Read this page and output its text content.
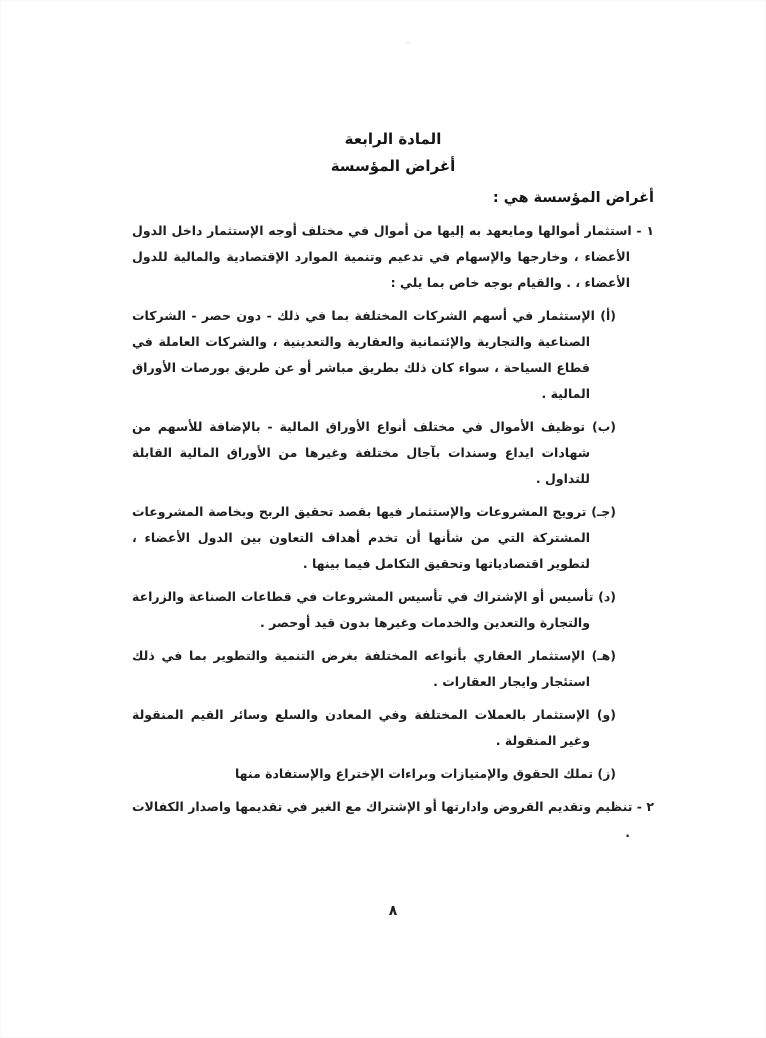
المادة الرابعة
أغراض المؤسسة

أغراض المؤسسة هي :

١ - استثمار أموالها ومايعهد به إليها من أموال في مختلف أوجه الإستثمار داخل الدول الأعضاء ، وخارجها والإسهام في تدعيم وتنمية الموارد الإقتصادية والمالية للدول الأعضاء ، . والقيام بوجه خاص بما يلي :

(أ) الإستثمار في أسهم الشركات المختلفة بما في ذلك - دون حصر - الشركات الصناعية والتجارية والإئتمانية والعقارية والتعدينية ، والشركات العاملة في قطاع السياحة ، سواء كان ذلك بطريق مباشر أو عن طريق بورصات الأوراق المالية .

(ب) توظيف الأموال في مختلف أنواع الأوراق المالية - بالإضافة للأسهم من شهادات ايداع وسندات بآجال مختلفة وغيرها من الأوراق المالية القابلة للتداول .

(جـ) ترويج المشروعات والإستثمار فيها بقصد تحقيق الربح وبخاصة المشروعات المشتركة التي من شأنها أن تخدم أهداف التعاون بين الدول الأعضاء ، لتطوير اقتصادياتها وتحقيق التكامل فيما بينها .

(د) تأسيس أو الإشتراك في تأسيس المشروعات في قطاعات الصناعة والزراعة والتجارة والتعدين والخدمات وغيرها بدون قيد أوحصر .

(هـ) الإستثمار العقاري بأنواعه المختلفة بغرض التنمية والتطوير بما في ذلك استئجار وايجار العقارات .

(و) الإستثمار بالعملات المختلفة وفي المعادن والسلع وسائر القيم المنقولة وغير المنقولة .

(ز) تملك الحقوق والإمتيازات وبراءات الإختراع والإستفادة منها

٢ - تنظيم وتقديم القروض وادارتها أو الإشتراك مع الغير في تقديمها واصدار الكفالات .

٨
